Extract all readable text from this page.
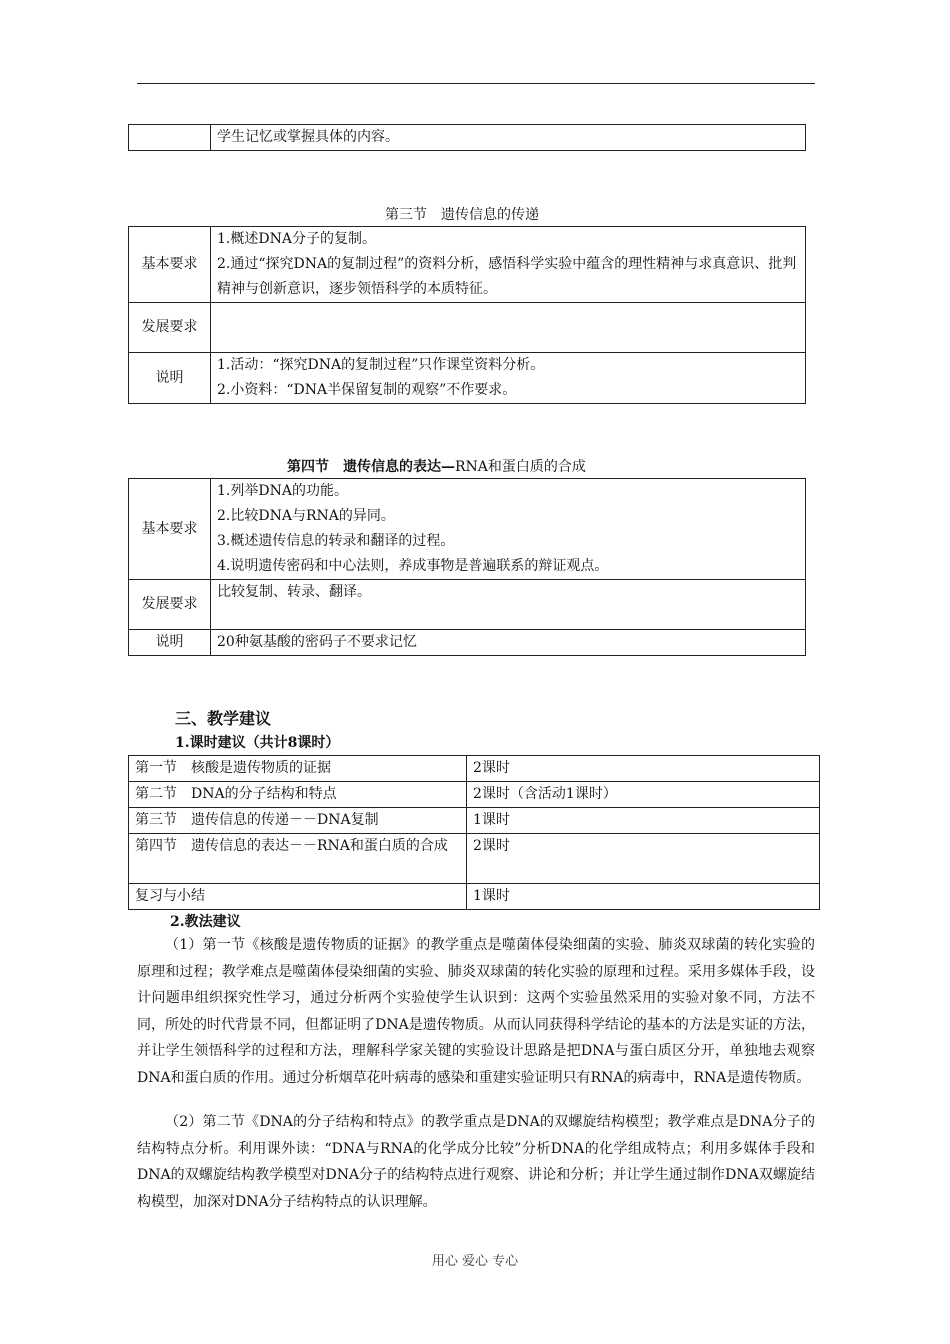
	学生记忆或掌握具体的内容。
第三节　遗传信息的传递
基本要求	1.概述DNA分子的复制。
2.通过“探究DNA的复制过程”的资料分析，感悟科学实验中蕴含的理性精神与求真意识、批判精神与创新意识，逐步领悟科学的本质特征。

发展要求	
说明	1.活动：“探究DNA的复制过程”只作课堂资料分析。
2.小资料：“DNA半保留复制的观察”不作要求。
第四节　遗传信息的表达—RNA和蛋白质的合成
基本要求	1.列举DNA的功能。
2.比较DNA与RNA的异同。
3.概述遗传信息的转录和翻译的过程。
4.说明遗传密码和中心法则，养成事物是普遍联系的辩证观点。

发展要求	比较复制、转录、翻译。

说明	20种氨基酸的密码子不要求记忆
三、教学建议
1.课时建议（共计8课时）
第一节　核酸是遗传物质的证据	2课时
第二节　DNA的分子结构和特点	2课时（含活动1课时）
第三节　遗传信息的传递－－DNA复制	1课时
第四节　遗传信息的表达－－RNA和蛋白质的合成	2课时
复习与小结	1课时
2.教法建议
（1）第一节《核酸是遗传物质的证据》的教学重点是噬菌体侵染细菌的实验、肺炎双球菌的转化实验的原理和过程；教学难点是噬菌体侵染细菌的实验、肺炎双球菌的转化实验的原理和过程。采用多媒体手段，设计问题串组织探究性学习，通过分析两个实验使学生认识到：这两个实验虽然采用的实验对象不同，方法不同，所处的时代背景不同，但都证明了DNA是遗传物质。从而认同获得科学结论的基本的方法是实证的方法，并让学生领悟科学的过程和方法，理解科学家关键的实验设计思路是把DNA与蛋白质区分开，单独地去观察DNA和蛋白质的作用。通过分析烟草花叶病毒的感染和重建实验证明只有RNA的病毒中，RNA是遗传物质。
（2）第二节《DNA的分子结构和特点》的教学重点是DNA的双螺旋结构模型；教学难点是DNA分子的结构特点分析。利用课外读：“DNA与RNA的化学成分比较”分析DNA的化学组成特点；利用多媒体手段和DNA的双螺旋结构教学模型对DNA分子的结构特点进行观察、讲论和分析；并让学生通过制作DNA双螺旋结构模型，加深对DNA分子结构特点的认识理解。
用心 爱心 专心
